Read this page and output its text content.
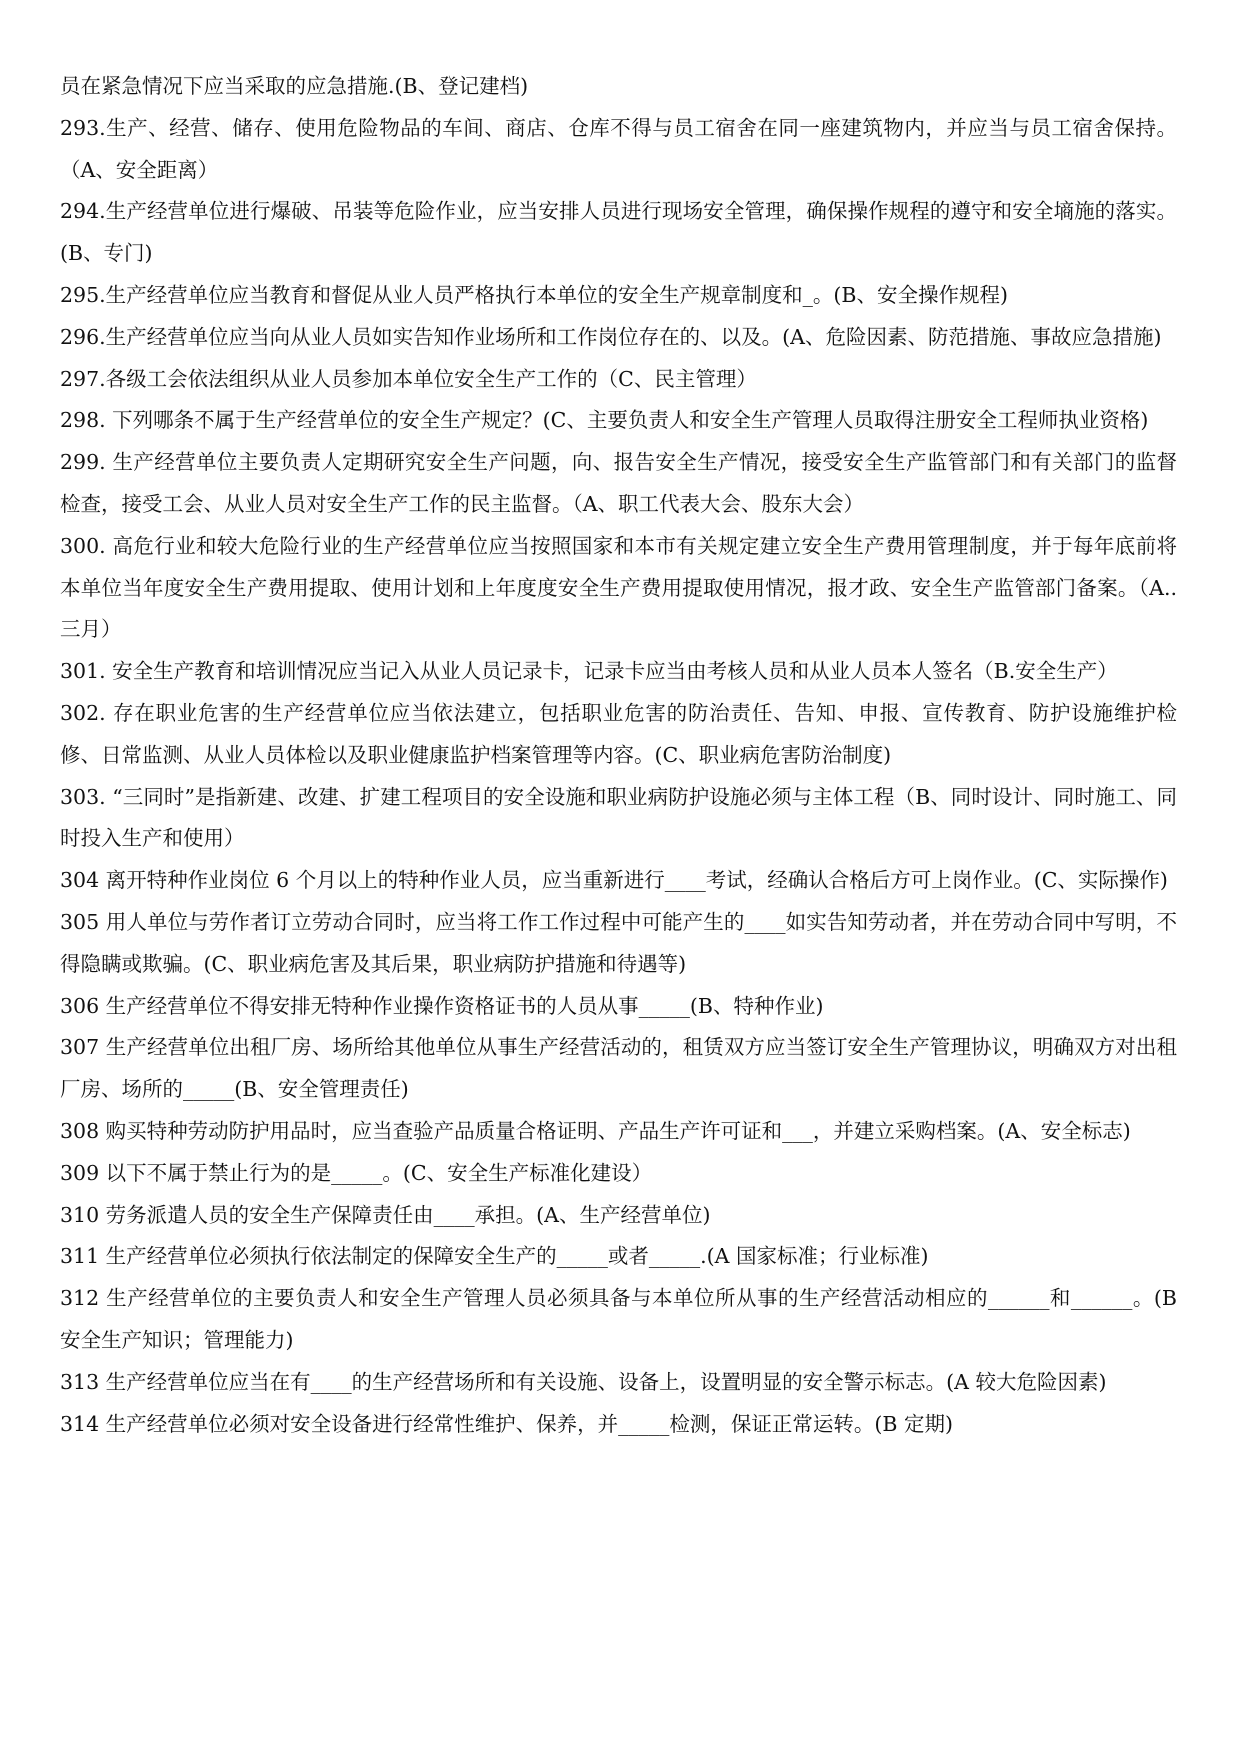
员在紧急情况下应当采取的应急措施.(B、登记建档)

293.生产、经营、储存、使用危险物品的车间、商店、仓库不得与员工宿舍在同一座建筑物内，并应当与员工宿舍保持。（A、安全距离）

294.生产经营单位进行爆破、吊装等危险作业，应当安排人员进行现场安全管理，确保操作规程的遵守和安全墒施的落实。(B、专门)

295.生产经营单位应当教育和督促从业人员严格执行本单位的安全生产规章制度和_。(B、安全操作规程)

296.生产经营单位应当向从业人员如实告知作业场所和工作岗位存在的、以及。(A、危险因素、防范措施、事故应急措施)

297.各级工会依法组织从业人员参加本单位安全生产工作的（C、民主管理）

298. 下列哪条不属于生产经营单位的安全生产规定？(C、主要负责人和安全生产管理人员取得注册安全工程师执业资格)

299. 生产经营单位主要负责人定期研究安全生产问题，向、报告安全生产情况，接受安全生产监管部门和有关部门的监督检查，接受工会、从业人员对安全生产工作的民主监督。（A、职工代表大会、股东大会）

300. 高危行业和较大危险行业的生产经营单位应当按照国家和本市有关规定建立安全生产费用管理制度，并于每年底前将本单位当年度安全生产费用提取、使用计划和上年度度安全生产费用提取使用情况，报才政、安全生产监管部门备案。（A..三月）

301. 安全生产教育和培训情况应当记入从业人员记录卡，记录卡应当由考核人员和从业人员本人签名（B.安全生产）

302. 存在职业危害的生产经营单位应当依法建立，包括职业危害的防治责任、告知、申报、宣传教育、防护设施维护检修、日常监测、从业人员体检以及职业健康监护档案管理等内容。(C、职业病危害防治制度)

303. “三同时”是指新建、改建、扩建工程项目的安全设施和职业病防护设施必须与主体工程（B、同时设计、同时施工、同时投入生产和使用）

304 离开特种作业岗位 6 个月以上的特种作业人员，应当重新进行____考试，经确认合格后方可上岗作业。(C、实际操作)

305 用人单位与劳作者订立劳动合同时，应当将工作工作过程中可能产生的____如实告知劳动者，并在劳动合同中写明，不得隐瞒或欺骗。(C、职业病危害及其后果，职业病防护措施和待遇等)

306 生产经营单位不得安排无特种作业操作资格证书的人员从事_____(B、特种作业)

307 生产经营单位出租厂房、场所给其他单位从事生产经营活动的，租赁双方应当签订安全生产管理协议，明确双方对出租厂房、场所的_____(B、安全管理责任)

308 购买特种劳动防护用品时，应当查验产品质量合格证明、产品生产许可证和___，并建立采购档案。(A、安全标志)

309 以下不属于禁止行为的是_____。(C、安全生产标准化建设）

310 劳务派遣人员的安全生产保障责任由____承担。(A、生产经营单位)

311 生产经营单位必须执行依法制定的保障安全生产的_____或者_____.(A 国家标准；行业标准)

312 生产经营单位的主要负责人和安全生产管理人员必须具备与本单位所从事的生产经营活动相应的______和______。(B 安全生产知识；管理能力)

313 生产经营单位应当在有____的生产经营场所和有关设施、设备上，设置明显的安全警示标志。(A 较大危险因素)

314 生产经营单位必须对安全设备进行经常性维护、保养，并_____检测，保证正常运转。(B 定期)
